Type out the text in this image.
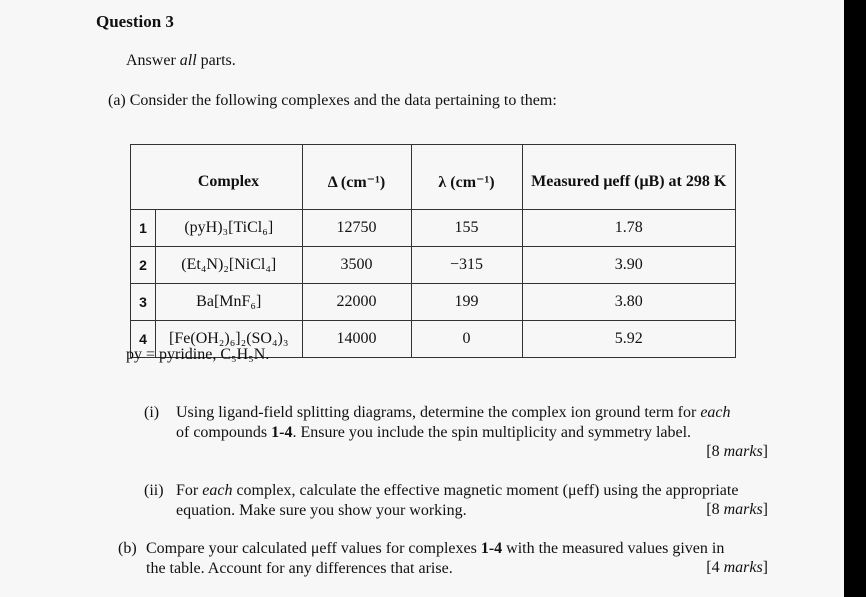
Question 3
Answer all parts.
(a) Consider the following complexes and the data pertaining to them:
	Complex	Δ (cm⁻¹)	λ (cm⁻¹)	Measured μeff (μB) at 298 K
1	(pyH)₃[TiCl₆]	12750	155	1.78
2	(Et₄N)₂[NiCl₄]	3500	−315	3.90
3	Ba[MnF₆]	22000	199	3.80
4	[Fe(OH₂)₆]₂(SO₄)₃	14000	0	5.92
py = pyridine, C₅H₅N.
(i) Using ligand-field splitting diagrams, determine the complex ion ground term for each
of compounds 1-4. Ensure you include the spin multiplicity and symmetry label.
[8 marks]
(ii) For each complex, calculate the effective magnetic moment (μeff) using the appropriate
equation. Make sure you show your working.	[8 marks]
(b) Compare your calculated μeff values for complexes 1-4 with the measured values given in
the table. Account for any differences that arise.	[4 marks]
